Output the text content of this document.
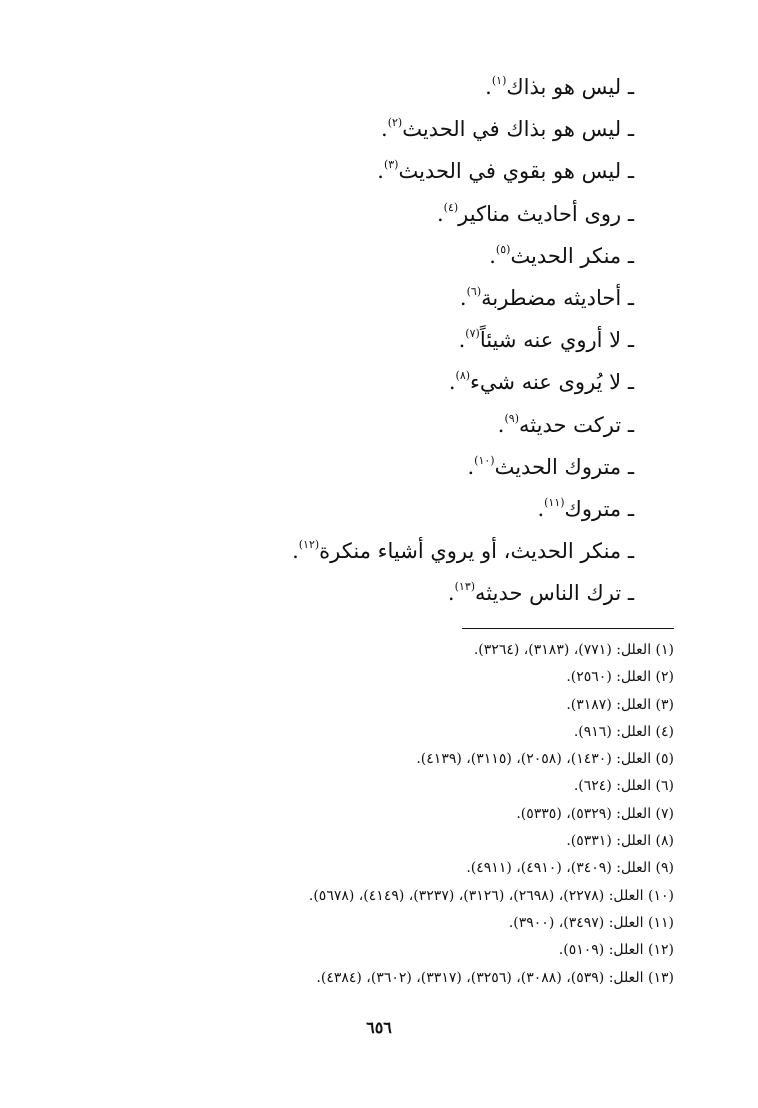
ـ ليس هو بذاك$^{(١)}$.
ـ ليس هو بذاك في الحديث$^{(٢)}$.
ـ ليس هو بقوي في الحديث$^{(٣)}$.
ـ روى أحاديث مناكير$^{(٤)}$.
ـ منكر الحديث$^{(٥)}$.
ـ أحاديثه مضطربة$^{(٦)}$.
ـ لا أروي عنه شيئاً$^{(٧)}$.
ـ لا يُروى عنه شيء$^{(٨)}$.
ـ تركت حديثه$^{(٩)}$.
ـ متروك الحديث$^{(١٠)}$.
ـ متروك$^{(١١)}$.
ـ منكر الحديث، أو يروي أشياء منكرة$^{(١٢)}$.
ـ ترك الناس حديثه$^{(١٣)}$.
(١) العلل: (٧٧١)، (٣١٨٣)، (٣٢٦٤).
(٢) العلل: (٢٥٦٠).
(٣) العلل: (٣١٨٧).
(٤) العلل: (٩١٦).
(٥) العلل: (١٤٣٠)، (٢٠٥٨)، (٣١١٥)، (٤١٣٩).
(٦) العلل: (٦٢٤).
(٧) العلل: (٥٣٢٩)، (٥٣٣٥).
(٨) العلل: (٥٣٣١).
(٩) العلل: (٣٤٠٩)، (٤٩١٠)، (٤٩١١).
(١٠) العلل: (٢٢٧٨)، (٢٦٩٨)، (٣١٢٦)، (٣٢٣٧)، (٤١٤٩)، (٥٦٧٨).
(١١) العلل: (٣٤٩٧)، (٣٩٠٠).
(١٢) العلل: (٥١٠٩).
(١٣) العلل: (٥٣٩)، (٣٠٨٨)، (٣٢٥٦)، (٣٣١٧)، (٣٦٠٢)، (٤٣٨٤).
٦٥٦
